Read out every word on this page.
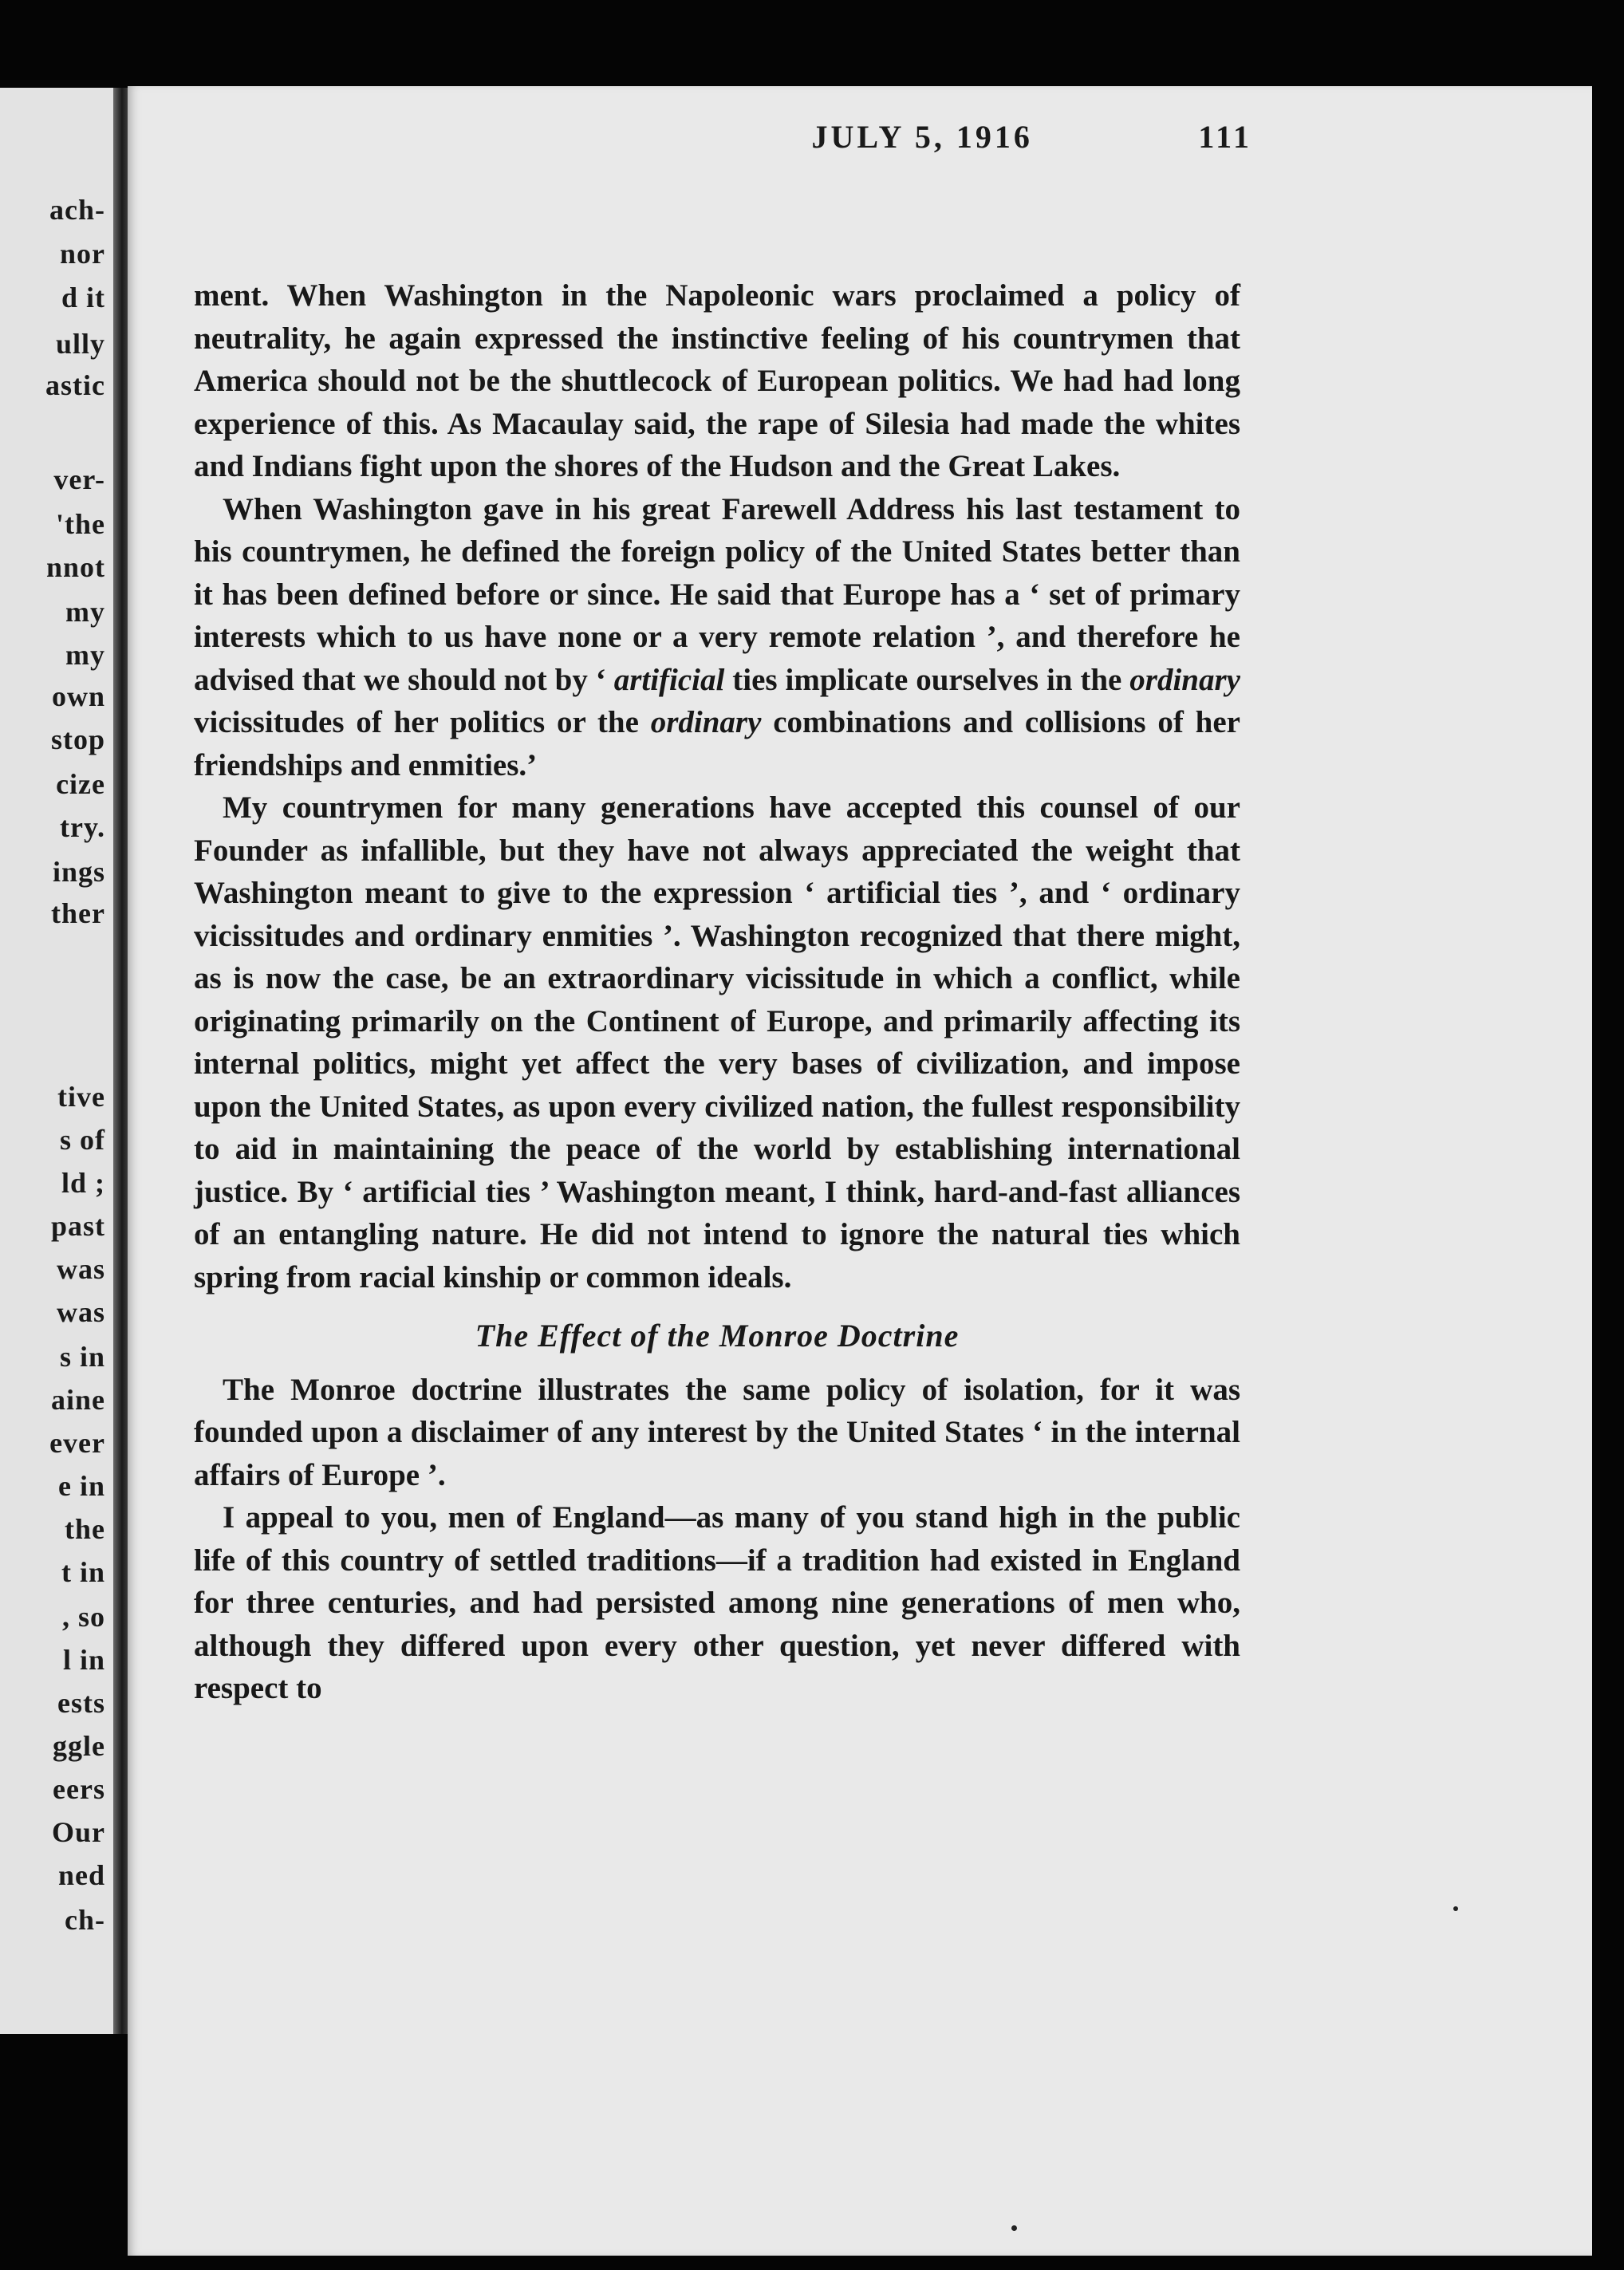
ach-
nor
d it
ully
astic
ver-
'the
nnot
my
my
own
stop
cize
try.
ings
ther
tive
s of
ld ;
past
was
was
s in
aine
ever
e in
the
t in
, so
l in
ests
ggle
eers
Our
ned
ch-
JULY 5, 1916	111

ment. When Washington in the Napoleonic wars proclaimed a policy of neutrality, he again expressed the instinctive feeling of his countrymen that America should not be the shuttlecock of European politics. We had had long experience of this. As Macaulay said, the rape of Silesia had made the whites and Indians fight upon the shores of the Hudson and the Great Lakes.

When Washington gave in his great Farewell Address his last testament to his countrymen, he defined the foreign policy of the United States better than it has been defined before or since. He said that Europe has a ‘ set of primary interests which to us have none or a very remote relation ’, and therefore he advised that we should not by ‘ artificial ties implicate ourselves in the ordinary vicissitudes of her politics or the ordinary combinations and collisions of her friendships and enmities.’

My countrymen for many generations have accepted this counsel of our Founder as infallible, but they have not always appreciated the weight that Washington meant to give to the expression ‘ artificial ties ’, and ‘ ordinary vicissitudes and ordinary enmities ’. Washington recognized that there might, as is now the case, be an extraordinary vicissitude in which a conflict, while originating primarily on the Continent of Europe, and primarily affecting its internal politics, might yet affect the very bases of civilization, and impose upon the United States, as upon every civilized nation, the fullest responsibility to aid in maintaining the peace of the world by establishing international justice. By ‘ artificial ties ’ Washington meant, I think, hard-and-fast alliances of an entangling nature. He did not intend to ignore the natural ties which spring from racial kinship or common ideals.

The Effect of the Monroe Doctrine

The Monroe doctrine illustrates the same policy of isolation, for it was founded upon a disclaimer of any interest by the United States ‘ in the internal affairs of Europe ’.

I appeal to you, men of England—as many of you stand high in the public life of this country of settled traditions—if a tradition had existed in England for three centuries, and had persisted among nine generations of men who, although they differed upon every other question, yet never differed with respect to
